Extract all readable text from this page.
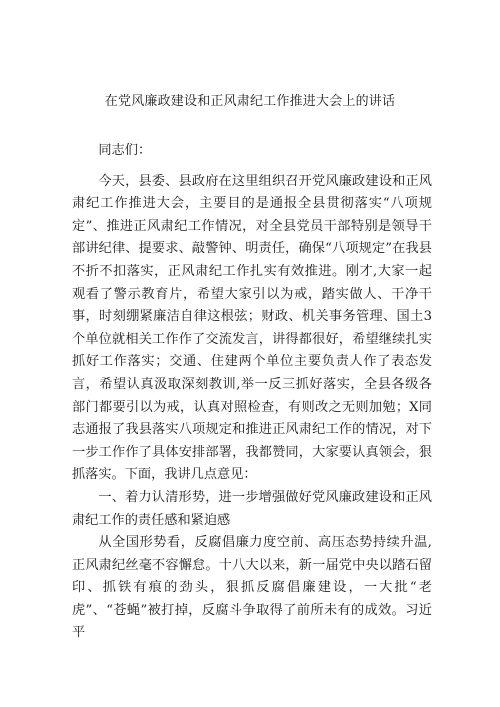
在党风廉政建设和正风肃纪工作推进大会上的讲话

同志们：

今天，县委、县政府在这里组织召开党风廉政建设和正风肃纪工作推进大会，主要目的是通报全县贯彻落实“八项规定”、推进正风肃纪工作情况，对全县党员干部特别是领导干部讲纪律、提要求、敲警钟、明责任，确保“八项规定”在我县不折不扣落实，正风肃纪工作扎实有效推进。刚才,大家一起观看了警示教育片，希望大家引以为戒，踏实做人、干净干事，时刻绷紧廉洁自律这根弦；财政、机关事务管理、国土3个单位就相关工作作了交流发言，讲得都很好，希望继续扎实抓好工作落实；交通、住建两个单位主要负责人作了表态发言，希望认真汲取深刻教训,举一反三抓好落实，全县各级各部门都要引以为戒，认真对照检查，有则改之无则加勉；X同志通报了我县落实八项规定和推进正风肃纪工作的情况，对下一步工作作了具体安排部署，我都赞同，大家要认真领会，狠抓落实。下面，我讲几点意见：

一、着力认清形势，进一步增强做好党风廉政建设和正风肃纪工作的责任感和紧迫感

从全国形势看，反腐倡廉力度空前、高压态势持续升温,正风肃纪丝毫不容懈怠。十八大以来，新一届党中央以踏石留印、抓铁有痕的劲头，狠抓反腐倡廉建设，一大批“老虎”、“苍蝇”被打掉，反腐斗争取得了前所未有的成效。习近平
